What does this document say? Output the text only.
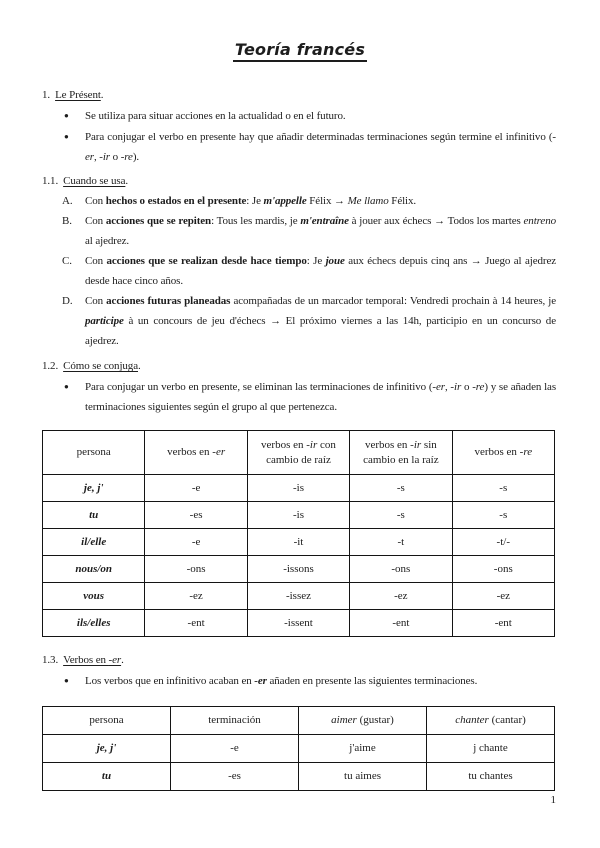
Teoría francés
1. Le Présent.
●	Se utiliza para situar acciones en la actualidad o en el futuro.
●	Para conjugar el verbo en presente hay que añadir determinadas terminaciones según termine el infinitivo (-er, -ir o -re).
1.1. Cuando se usa.
A.	Con hechos o estados en el presente: Je m'appelle Félix → Me llamo Félix.
B.	Con acciones que se repiten: Tous les mardis, je m'entraîne à jouer aux échecs → Todos los martes entreno al ajedrez.
C.	Con acciones que se realizan desde hace tiempo: Je joue aux échecs depuis cinq ans → Juego al ajedrez desde hace cinco años.
D.	Con acciones futuras planeadas acompañadas de un marcador temporal: Vendredi prochain à 14 heures, je participe à un concours de jeu d'échecs → El próximo viernes a las 14h, participio en un concurso de ajedrez.
1.2. Cómo se conjuga.
●	Para conjugar un verbo en presente, se eliminan las terminaciones de infinitivo (-er, -ir o -re) y se añaden las terminaciones siguientes según el grupo al que pertenezca.
persona	verbos en -er	verbos en -ir con cambio de raíz	verbos en -ir sin cambio en la raíz	verbos en -re
je, j'	-e	-is	-s	-s
tu	-es	-is	-s	-s
il/elle	-e	-it	-t	-t/-
nous/on	-ons	-issons	-ons	-ons
vous	-ez	-issez	-ez	-ez
ils/elles	-ent	-issent	-ent	-ent
1.3. Verbos en -er.
●	Los verbos que en infinitivo acaban en -er añaden en presente las siguientes terminaciones.
persona	terminación	aimer (gustar)	chanter (cantar)
je, j'	-e	j'aime	j chante
tu	-es	tu aimes	tu chantes
1
